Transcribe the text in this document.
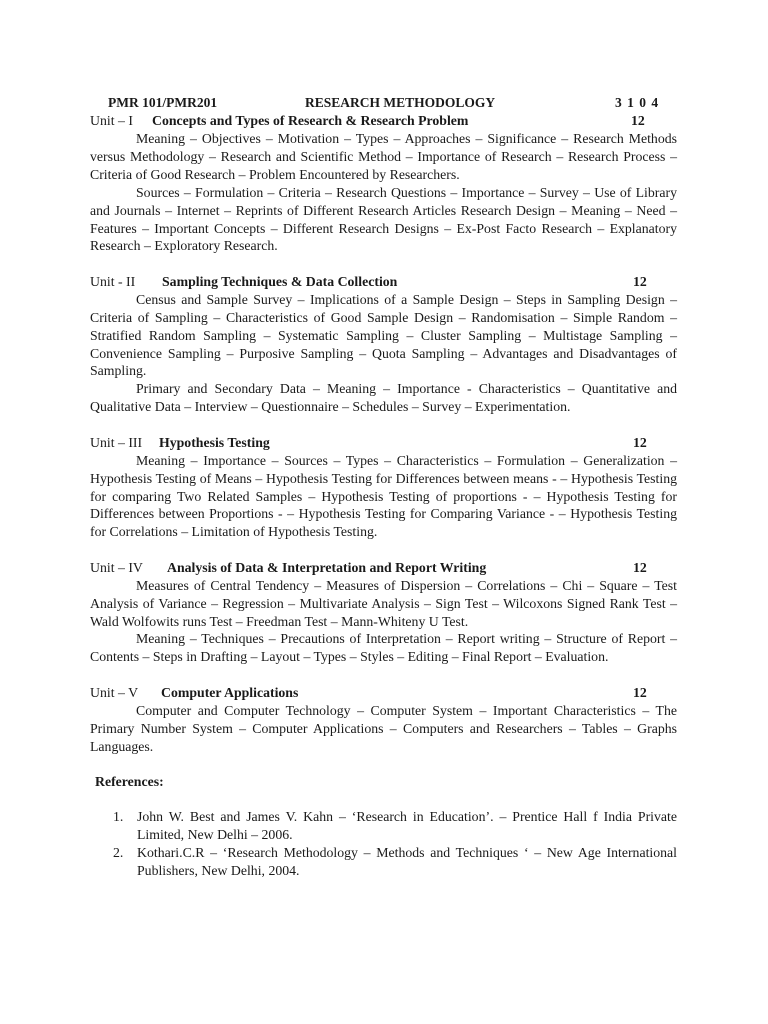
PMR 101/PMR201	RESEARCH METHODOLOGY	3 1 0 4
Unit – I Concepts and Types of Research & Research Problem	12

Meaning – Objectives – Motivation – Types – Approaches – Significance – Research Methods versus Methodology – Research and Scientific Method – Importance of Research – Research Process – Criteria of Good Research – Problem Encountered by Researchers.

Sources – Formulation – Criteria – Research Questions – Importance – Survey – Use of Library and Journals – Internet – Reprints of Different Research Articles Research Design – Meaning – Need – Features – Important Concepts – Different Research Designs – Ex-Post Facto Research – Explanatory Research – Exploratory Research.

Unit - II Sampling Techniques & Data Collection	12

Census and Sample Survey – Implications of a Sample Design – Steps in Sampling Design – Criteria of Sampling – Characteristics of Good Sample Design – Randomisation – Simple Random – Stratified Random Sampling – Systematic Sampling – Cluster Sampling – Multistage Sampling – Convenience Sampling – Purposive Sampling – Quota Sampling – Advantages and Disadvantages of Sampling.

Primary and Secondary Data – Meaning – Importance - Characteristics – Quantitative and Qualitative Data – Interview – Questionnaire – Schedules – Survey – Experimentation.

Unit – III Hypothesis Testing	12

Meaning – Importance – Sources – Types – Characteristics – Formulation – Generalization – Hypothesis Testing of Means – Hypothesis Testing for Differences between means - – Hypothesis Testing for comparing Two Related Samples – Hypothesis Testing of proportions - – Hypothesis Testing for Differences between Proportions - – Hypothesis Testing for Comparing Variance - – Hypothesis Testing for Correlations – Limitation of Hypothesis Testing.

Unit – IV Analysis of Data & Interpretation and Report Writing	12

Measures of Central Tendency – Measures of Dispersion – Correlations – Chi – Square – Test Analysis of Variance – Regression – Multivariate Analysis – Sign Test – Wilcoxons Signed Rank Test – Wald Wolfowits runs Test – Freedman Test – Mann-Whiteny U Test.

Meaning – Techniques – Precautions of Interpretation – Report writing – Structure of Report – Contents – Steps in Drafting – Layout – Types – Styles – Editing – Final Report – Evaluation.

Unit – V Computer Applications	12

Computer and Computer Technology – Computer System – Important Characteristics – The Primary Number System – Computer Applications – Computers and Researchers – Tables – Graphs Languages.

References:

1. John W. Best and James V. Kahn – ‘Research in Education’. – Prentice Hall f India Private Limited, New Delhi – 2006.
2. Kothari.C.R – ‘Research Methodology – Methods and Techniques ‘ – New Age International Publishers, New Delhi, 2004.
